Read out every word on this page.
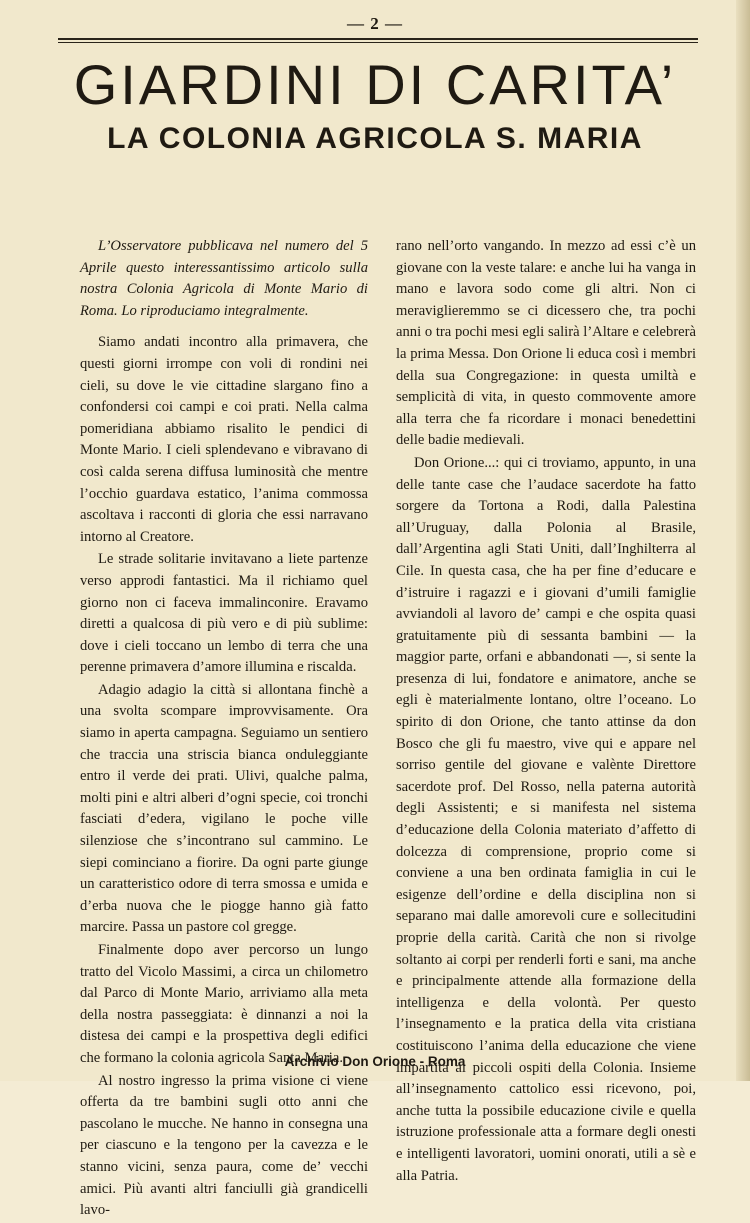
— 2 —
GIARDINI DI CARITA’
LA COLONIA AGRICOLA S. MARIA

L’Osservatore pubblicava nel numero del 5 Aprile questo interessantissimo articolo sulla nostra Colonia Agricola di Monte Mario di Roma. Lo riproduciamo integralmente.

Siamo andati incontro alla primavera, che questi giorni irrompe con voli di rondini nei cieli, su dove le vie cittadine slargano fino a confondersi coi campi e coi prati. Nella calma pomeridiana abbiamo risalito le pendici di Monte Mario. I cieli splendevano e vibravano di così calda serena diffusa luminosità che mentre l’occhio guardava estatico, l’anima commossa ascoltava i racconti di gloria che essi narravano intorno al Creatore.

Le strade solitarie invitavano a liete partenze verso approdi fantastici. Ma il richiamo quel giorno non ci faceva immalinconire. Eravamo diretti a qualcosa di più vero e di più sublime: dove i cieli toccano un lembo di terra che una perenne primavera d’amore illumina e riscalda.

Adagio adagio la città si allontana finchè a una svolta scompare improvvisamente. Ora siamo in aperta campagna. Seguiamo un sentiero che traccia una striscia bianca onduleggiante entro il verde dei prati. Ulivi, qualche palma, molti pini e altri alberi d’ogni specie, coi tronchi fasciati d’edera, vigilano le poche ville silenziose che s’incontrano sul cammino. Le siepi cominciano a fiorire. Da ogni parte giunge un caratteristico odore di terra smossa e umida e d’erba nuova che le piogge hanno già fatto marcire. Passa un pastore col gregge.

Finalmente dopo aver percorso un lungo tratto del Vicolo Massimi, a circa un chilometro dal Parco di Monte Mario, arriviamo alla meta della nostra passeggiata: è dinnanzi a noi la distesa dei campi e la prospettiva degli edifici che formano la colonia agricola Santa Maria.

Al nostro ingresso la prima visione ci viene offerta da tre bambini sugli otto anni che pascolano le mucche. Ne hanno in consegna una per ciascuno e la tengono per la cavezza e le stanno vicini, senza paura, come de’ vecchi amici. Più avanti altri fanciulli già grandicelli lavo-

rano nell’orto vangando. In mezzo ad essi c’è un giovane con la veste talare: e anche lui ha vanga in mano e lavora sodo come gli altri. Non ci meraviglieremmo se ci dicessero che, tra pochi anni o tra pochi mesi egli salirà l’Altare e celebrerà la prima Messa. Don Orione li educa così i membri della sua Congregazione: in questa umiltà e semplicità di vita, in questo commovente amore alla terra che fa ricordare i monaci benedettini delle badie medievali.

Don Orione...: qui ci troviamo, appunto, in una delle tante case che l’audace sacerdote ha fatto sorgere da Tortona a Rodi, dalla Palestina all’Uruguay, dalla Polonia al Brasile, dall’Argentina agli Stati Uniti, dall’Inghilterra al Cile. In questa casa, che ha per fine d’educare e d’istruire i ragazzi e i giovani d’umili famiglie avviandoli al lavoro de’ campi e che ospita quasi gratuitamente più di sessanta bambini — la maggior parte, orfani e abbandonati —, si sente la presenza di lui, fondatore e animatore, anche se egli è materialmente lontano, oltre l’oceano. Lo spirito di don Orione, che tanto attinse da don Bosco che gli fu maestro, vive qui e appare nel sorriso gentile del giovane e valènte Direttore sacerdote prof. Del Rosso, nella paterna autorità degli Assistenti; e si manifesta nel sistema d’educazione della Colonia materiato d’affetto di dolcezza di comprensione, proprio come si conviene a una ben ordinata famiglia in cui le esigenze dell’ordine e della disciplina non si separano mai dalle amorevoli cure e sollecitudini proprie della carità. Carità che non si rivolge soltanto ai corpi per renderli forti e sani, ma anche e principalmente attende alla formazione della intelligenza e della volontà. Per questo l’insegnamento e la pratica della vita cristiana costituiscono l’anima della educazione che viene impartita ai piccoli ospiti della Colonia. Insieme all’insegnamento cattolico essi ricevono, poi, anche tutta la possibile educazione civile e quella istruzione professionale atta a formare degli onesti e intelligenti lavoratori, uomini onorati, utili a sè e alla Patria.

Archivio Don Orione - Roma
